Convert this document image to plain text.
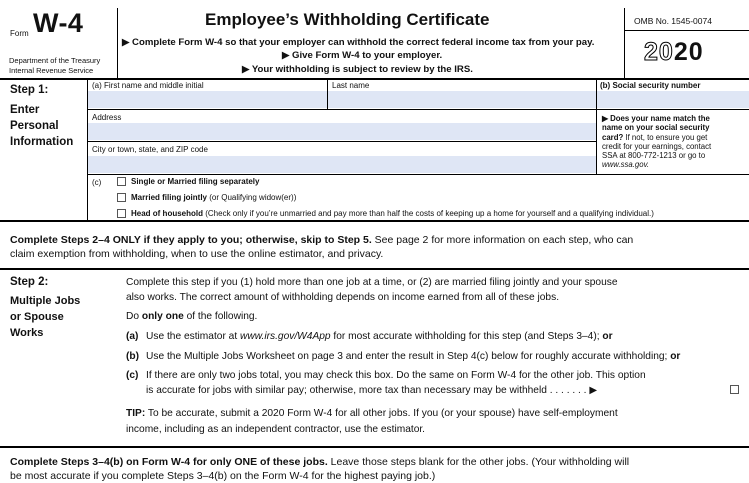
Form W-4
Department of the Treasury
Internal Revenue Service
Employee’s Withholding Certificate
▶ Complete Form W-4 so that your employer can withhold the correct federal income tax from your pay.
▶ Give Form W-4 to your employer.
▶ Your withholding is subject to review by the IRS.
OMB No. 1545-0074
2020
Step 1:
Enter
Personal
Information
(a) First name and middle initial	Last name	(b) Social security number
Address
City or town, state, and ZIP code
▶ Does your name match the
name on your social security
card? If not, to ensure you get
credit for your earnings, contact
SSA at 800-772-1213 or go to
www.ssa.gov.
(c)	Single or Married filing separately
Married filing jointly (or Qualifying widow(er))
Head of household (Check only if you’re unmarried and pay more than half the costs of keeping up a home for yourself and a qualifying individual.)
Complete Steps 2–4 ONLY if they apply to you; otherwise, skip to Step 5. See page 2 for more information on each step, who can
claim exemption from withholding, when to use the online estimator, and privacy.
Step 2:
Multiple Jobs
or Spouse
Works
Complete this step if you (1) hold more than one job at a time, or (2) are married filing jointly and your spouse
also works. The correct amount of withholding depends on income earned from all of these jobs.
Do only one of the following.
(a) Use the estimator at www.irs.gov/W4App for most accurate withholding for this step (and Steps 3–4); or
(b) Use the Multiple Jobs Worksheet on page 3 and enter the result in Step 4(c) below for roughly accurate withholding; or
(c) If there are only two jobs total, you may check this box. Do the same on Form W-4 for the other job. This option
is accurate for jobs with similar pay; otherwise, more tax than necessary may be withheld . . . . . . . ▶
TIP: To be accurate, submit a 2020 Form W-4 for all other jobs. If you (or your spouse) have self-employment
income, including as an independent contractor, use the estimator.
Complete Steps 3–4(b) on Form W-4 for only ONE of these jobs. Leave those steps blank for the other jobs. (Your withholding will
be most accurate if you complete Steps 3–4(b) on the Form W-4 for the highest paying job.)
